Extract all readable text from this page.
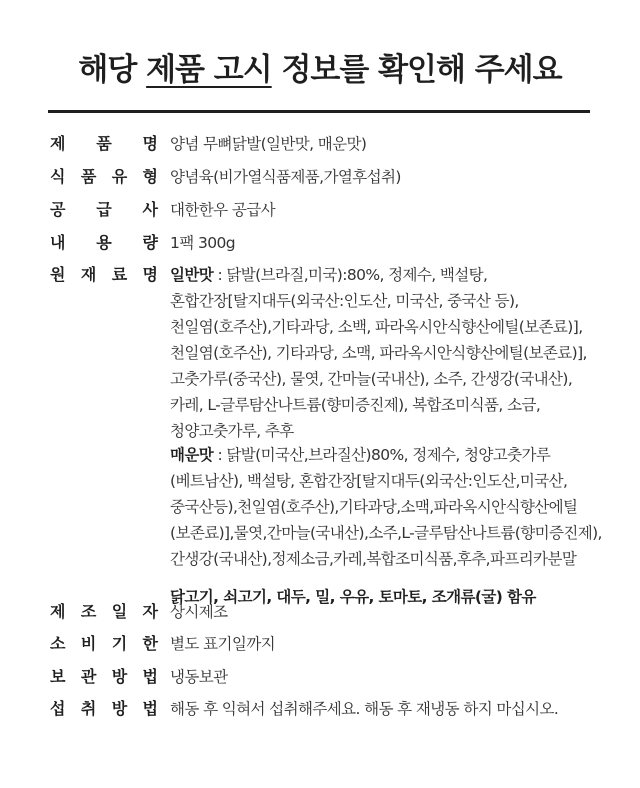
해당 제품 고시 정보를 확인해 주세요
제 품 명 양념 무뼈닭발(일반맛, 매운맛)
식 품 유 형 양념육(비가열식품제품,가열후섭취)
공 급 사 대한한우 공급사
내 용 량 1팩 300g
원 재 료 명 일반맛 : 닭발(브라질,미국):80%, 정제수, 백설탕,
혼합간장[탈지대두(외국산:인도산, 미국산, 중국산 등),
천일염(호주산),기타과당, 소백, 파라옥시안식향산에틸(보존료)],
천일염(호주산), 기타과당, 소맥, 파라옥시안식향산에틸(보존료)],
고춧가루(중국산), 물엿, 간마늘(국내산), 소주, 간생강(국내산),
카레, L-글루탐산나트륨(향미증진제), 복합조미식품, 소금,
청양고춧가루, 추후
매운맛 : 닭발(미국산,브라질산)80%, 정제수, 청양고춧가루
(베트남산), 백설탕, 혼합간장[탈지대두(외국산:인도산,미국산,
중국산등),천일염(호주산),기타과당,소맥,파라옥시안식향산에틸
(보존료)],물엿,간마늘(국내산),소주,L-글루탐산나트륨(향미증진제),
간생강(국내산),정제소금,카레,복합조미식품,후추,파프리카분말
닭고기, 쇠고기, 대두, 밀, 우유, 토마토, 조개류(굴) 함유
제 조 일 자 상시제조
소 비 기 한 별도 표기일까지
보 관 방 법 냉동보관
섭 취 방 법 해동 후 익혀서 섭취해주세요. 해동 후 재냉동 하지 마십시오.
